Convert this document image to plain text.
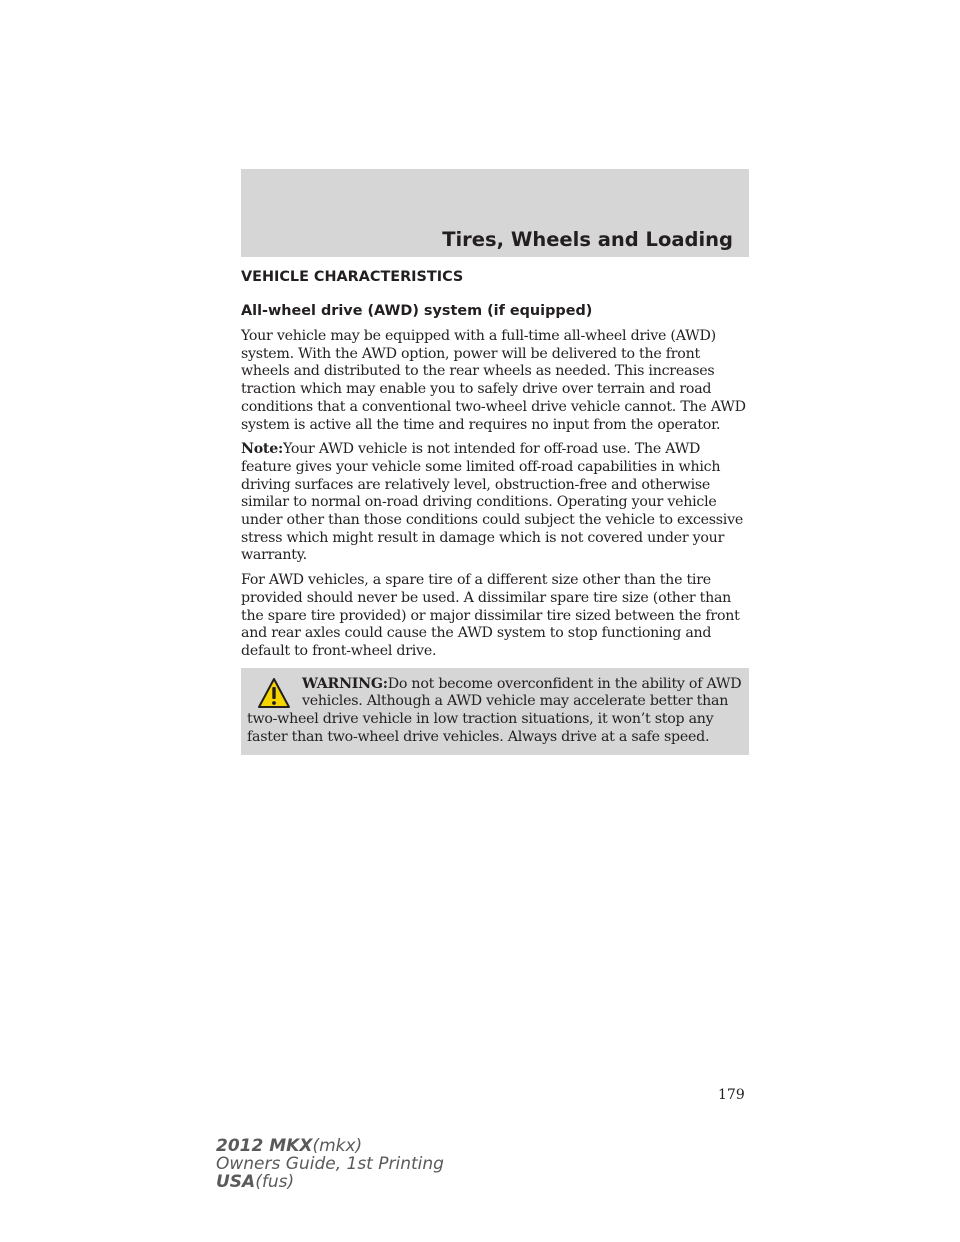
Tires, Wheels and Loading
VEHICLE CHARACTERISTICS
All-wheel drive (AWD) system (if equipped)

Your vehicle may be equipped with a full-time all-wheel drive (AWD) system. With the AWD option, power will be delivered to the front wheels and distributed to the rear wheels as needed. This increases traction which may enable you to safely drive over terrain and road conditions that a conventional two-wheel drive vehicle cannot. The AWD system is active all the time and requires no input from the operator.

Note:Your AWD vehicle is not intended for off-road use. The AWD feature gives your vehicle some limited off-road capabilities in which driving surfaces are relatively level, obstruction-free and otherwise similar to normal on-road driving conditions. Operating your vehicle under other than those conditions could subject the vehicle to excessive stress which might result in damage which is not covered under your warranty.

For AWD vehicles, a spare tire of a different size other than the tire provided should never be used. A dissimilar spare tire size (other than the spare tire provided) or major dissimilar tire sized between the front and rear axles could cause the AWD system to stop functioning and default to front-wheel drive.

WARNING:Do not become overconfident in the ability of AWD vehicles. Although a AWD vehicle may accelerate better than two-wheel drive vehicle in low traction situations, it won’t stop any faster than two-wheel drive vehicles. Always drive at a safe speed.
179
2012 MKX(mkx)
Owners Guide, 1st Printing
USA(fus)
